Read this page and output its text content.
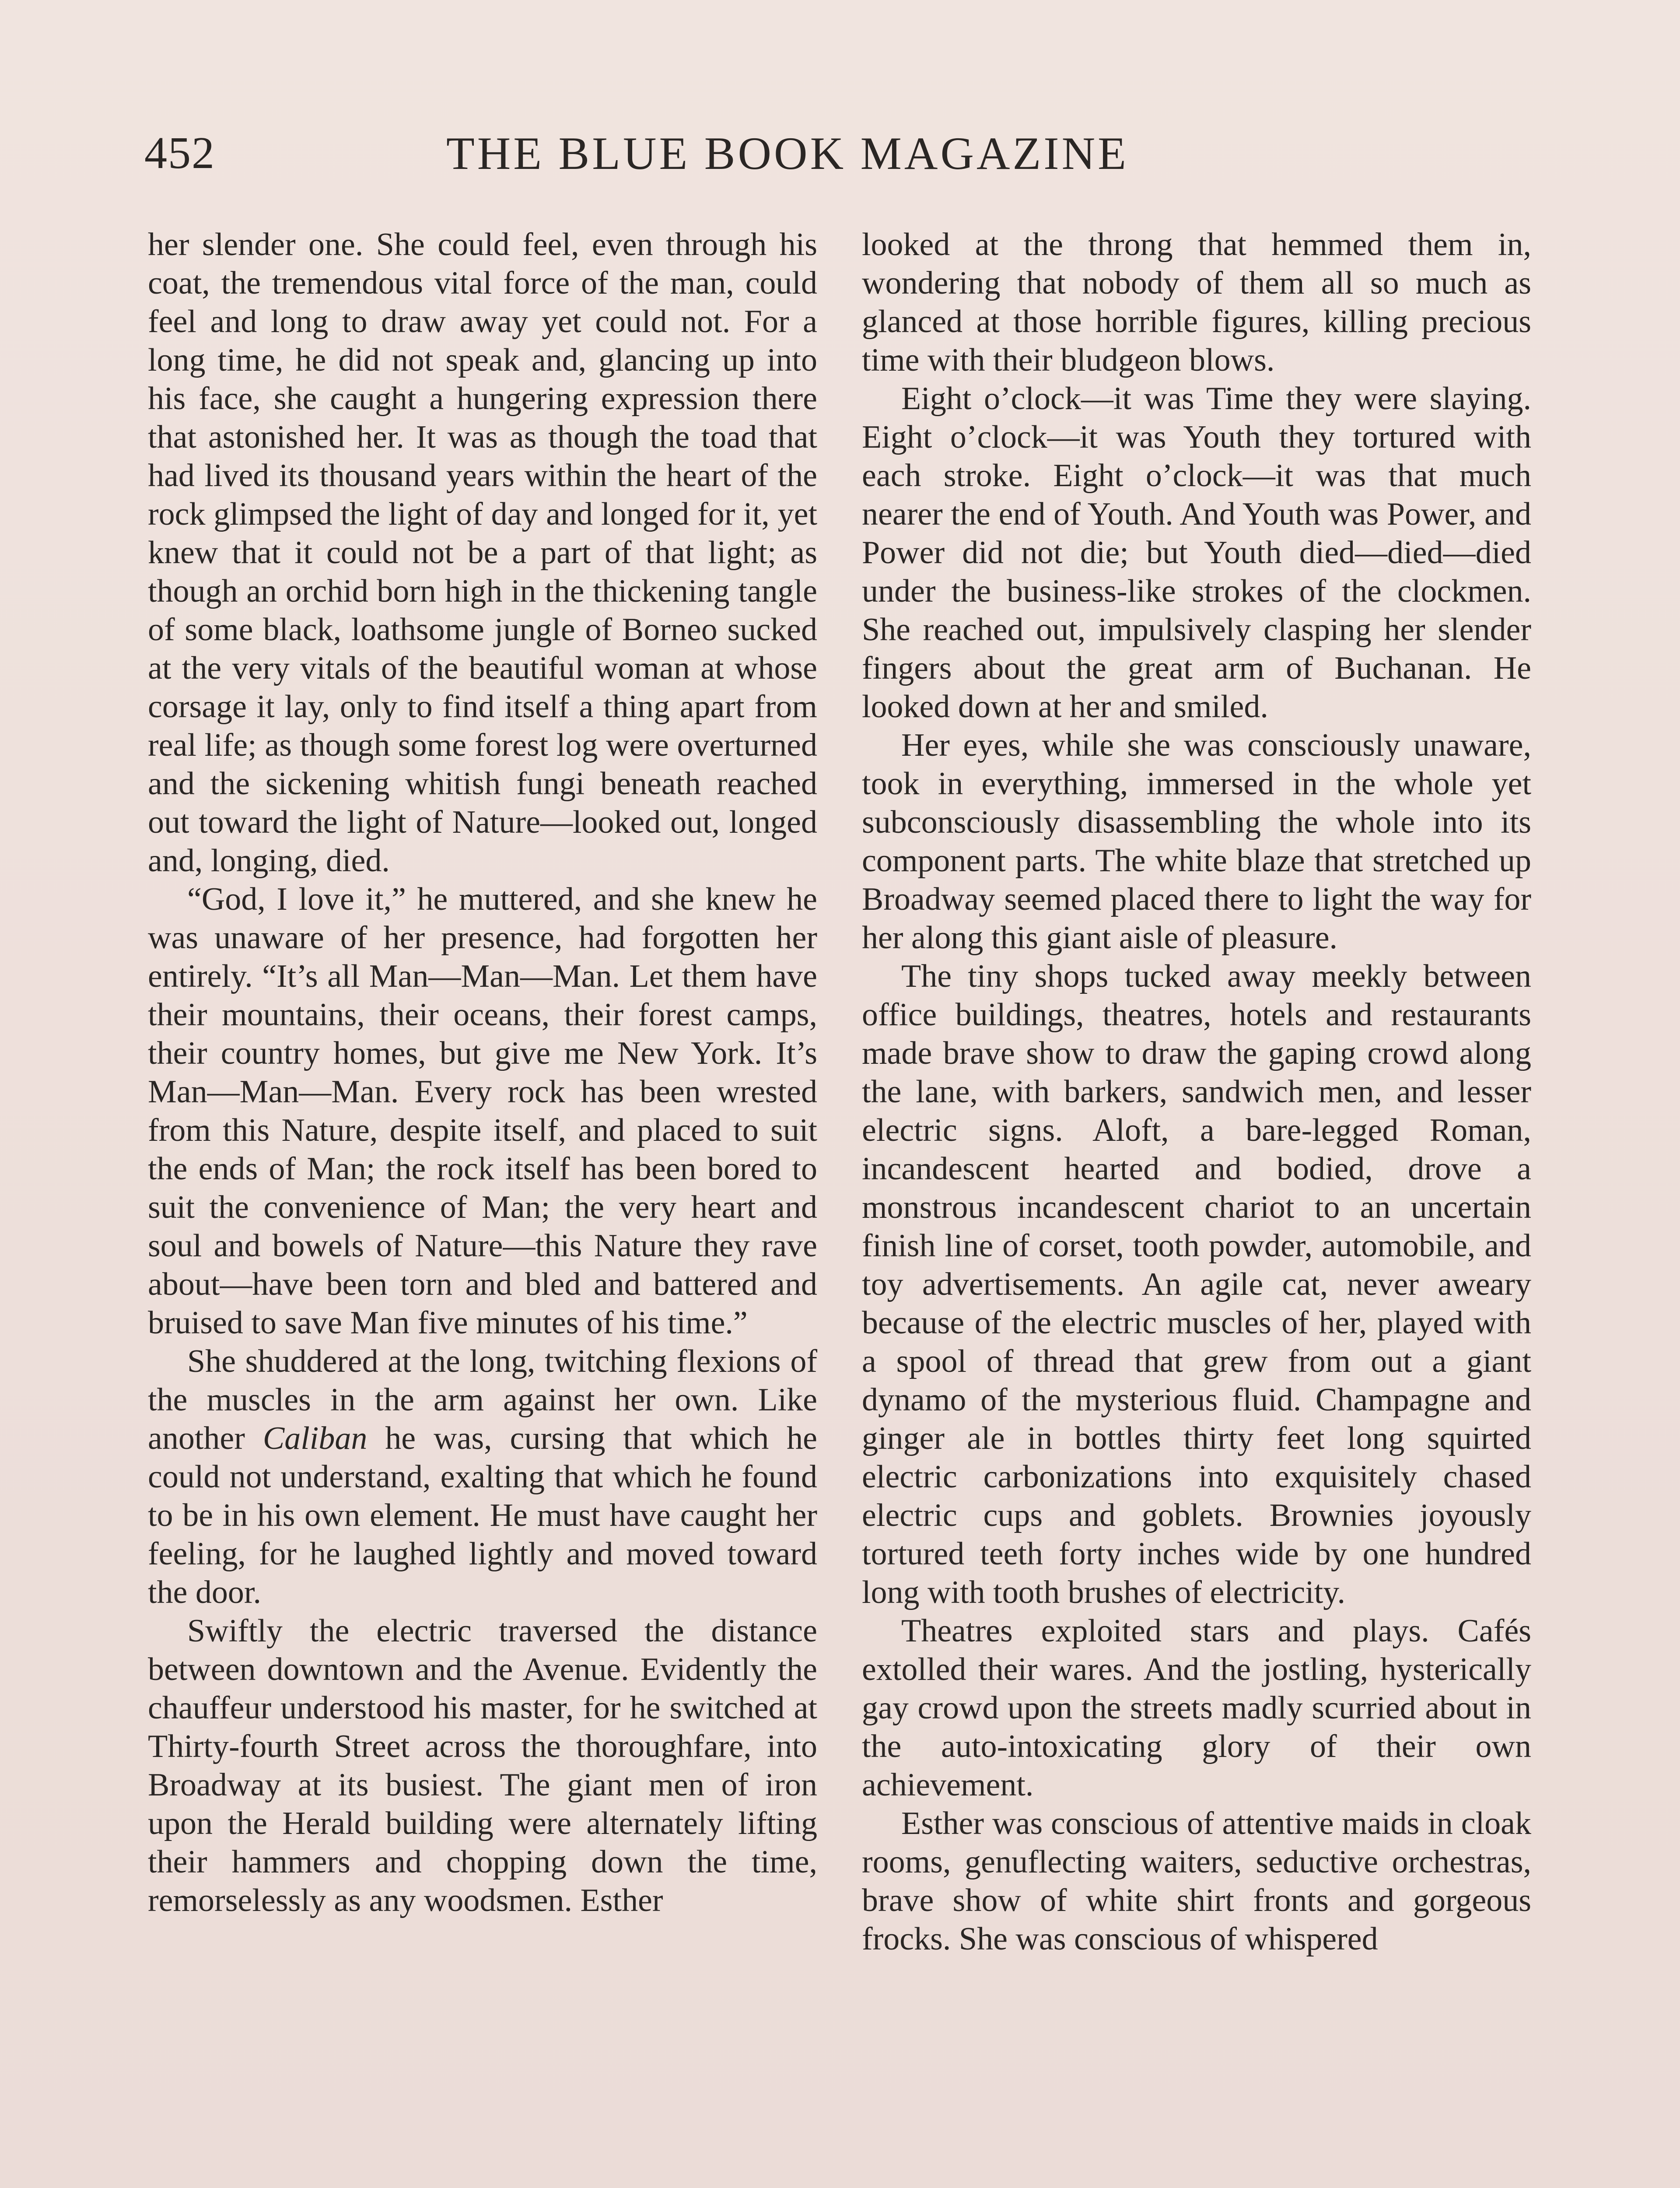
452	THE BLUE BOOK MAGAZINE

her slender one. She could feel, even through his coat, the tremendous vital force of the man, could feel and long to draw away yet could not. For a long time, he did not speak and, glancing up into his face, she caught a hungering expression there that astonished her. It was as though the toad that had lived its thousand years within the heart of the rock glimpsed the light of day and longed for it, yet knew that it could not be a part of that light; as though an orchid born high in the thickening tangle of some black, loathsome jungle of Borneo sucked at the very vitals of the beautiful woman at whose corsage it lay, only to find itself a thing apart from real life; as though some forest log were overturned and the sickening whitish fungi beneath reached out toward the light of Nature—looked out, longed and, longing, died.

“God, I love it,” he muttered, and she knew he was unaware of her presence, had forgotten her entirely. “It’s all Man—Man—Man. Let them have their mountains, their oceans, their forest camps, their country homes, but give me New York. It’s Man—Man—Man. Every rock has been wrested from this Nature, despite itself, and placed to suit the ends of Man; the rock itself has been bored to suit the convenience of Man; the very heart and soul and bowels of Nature—this Nature they rave about—have been torn and bled and battered and bruised to save Man five minutes of his time.”

She shuddered at the long, twitching flexions of the muscles in the arm against her own. Like another Caliban he was, cursing that which he could not understand, exalting that which he found to be in his own element. He must have caught her feeling, for he laughed lightly and moved toward the door.

Swiftly the electric traversed the distance between downtown and the Avenue. Evidently the chauffeur understood his master, for he switched at Thirty-fourth Street across the thoroughfare, into Broadway at its busiest. The giant men of iron upon the Herald building were alternately lifting their hammers and chopping down the time, remorselessly as any woodsmen. Esther

looked at the throng that hemmed them in, wondering that nobody of them all so much as glanced at those horrible figures, killing precious time with their bludgeon blows.

Eight o’clock—it was Time they were slaying. Eight o’clock—it was Youth they tortured with each stroke. Eight o’clock—it was that much nearer the end of Youth. And Youth was Power, and Power did not die; but Youth died—died—died under the business-like strokes of the clockmen. She reached out, impulsively clasping her slender fingers about the great arm of Buchanan. He looked down at her and smiled.

Her eyes, while she was consciously unaware, took in everything, immersed in the whole yet subconsciously disassembling the whole into its component parts. The white blaze that stretched up Broadway seemed placed there to light the way for her along this giant aisle of pleasure.

The tiny shops tucked away meekly between office buildings, theatres, hotels and restaurants made brave show to draw the gaping crowd along the lane, with barkers, sandwich men, and lesser electric signs. Aloft, a bare-legged Roman, incandescent hearted and bodied, drove a monstrous incandescent chariot to an uncertain finish line of corset, tooth powder, automobile, and toy advertisements. An agile cat, never aweary because of the electric muscles of her, played with a spool of thread that grew from out a giant dynamo of the mysterious fluid. Champagne and ginger ale in bottles thirty feet long squirted electric carbonizations into exquisitely chased electric cups and goblets. Brownies joyously tortured teeth forty inches wide by one hundred long with tooth brushes of electricity.

Theatres exploited stars and plays. Cafés extolled their wares. And the jostling, hysterically gay crowd upon the streets madly scurried about in the auto-intoxicating glory of their own achievement.

Esther was conscious of attentive maids in cloak rooms, genuflecting waiters, seductive orchestras, brave show of white shirt fronts and gorgeous frocks. She was conscious of whispered
